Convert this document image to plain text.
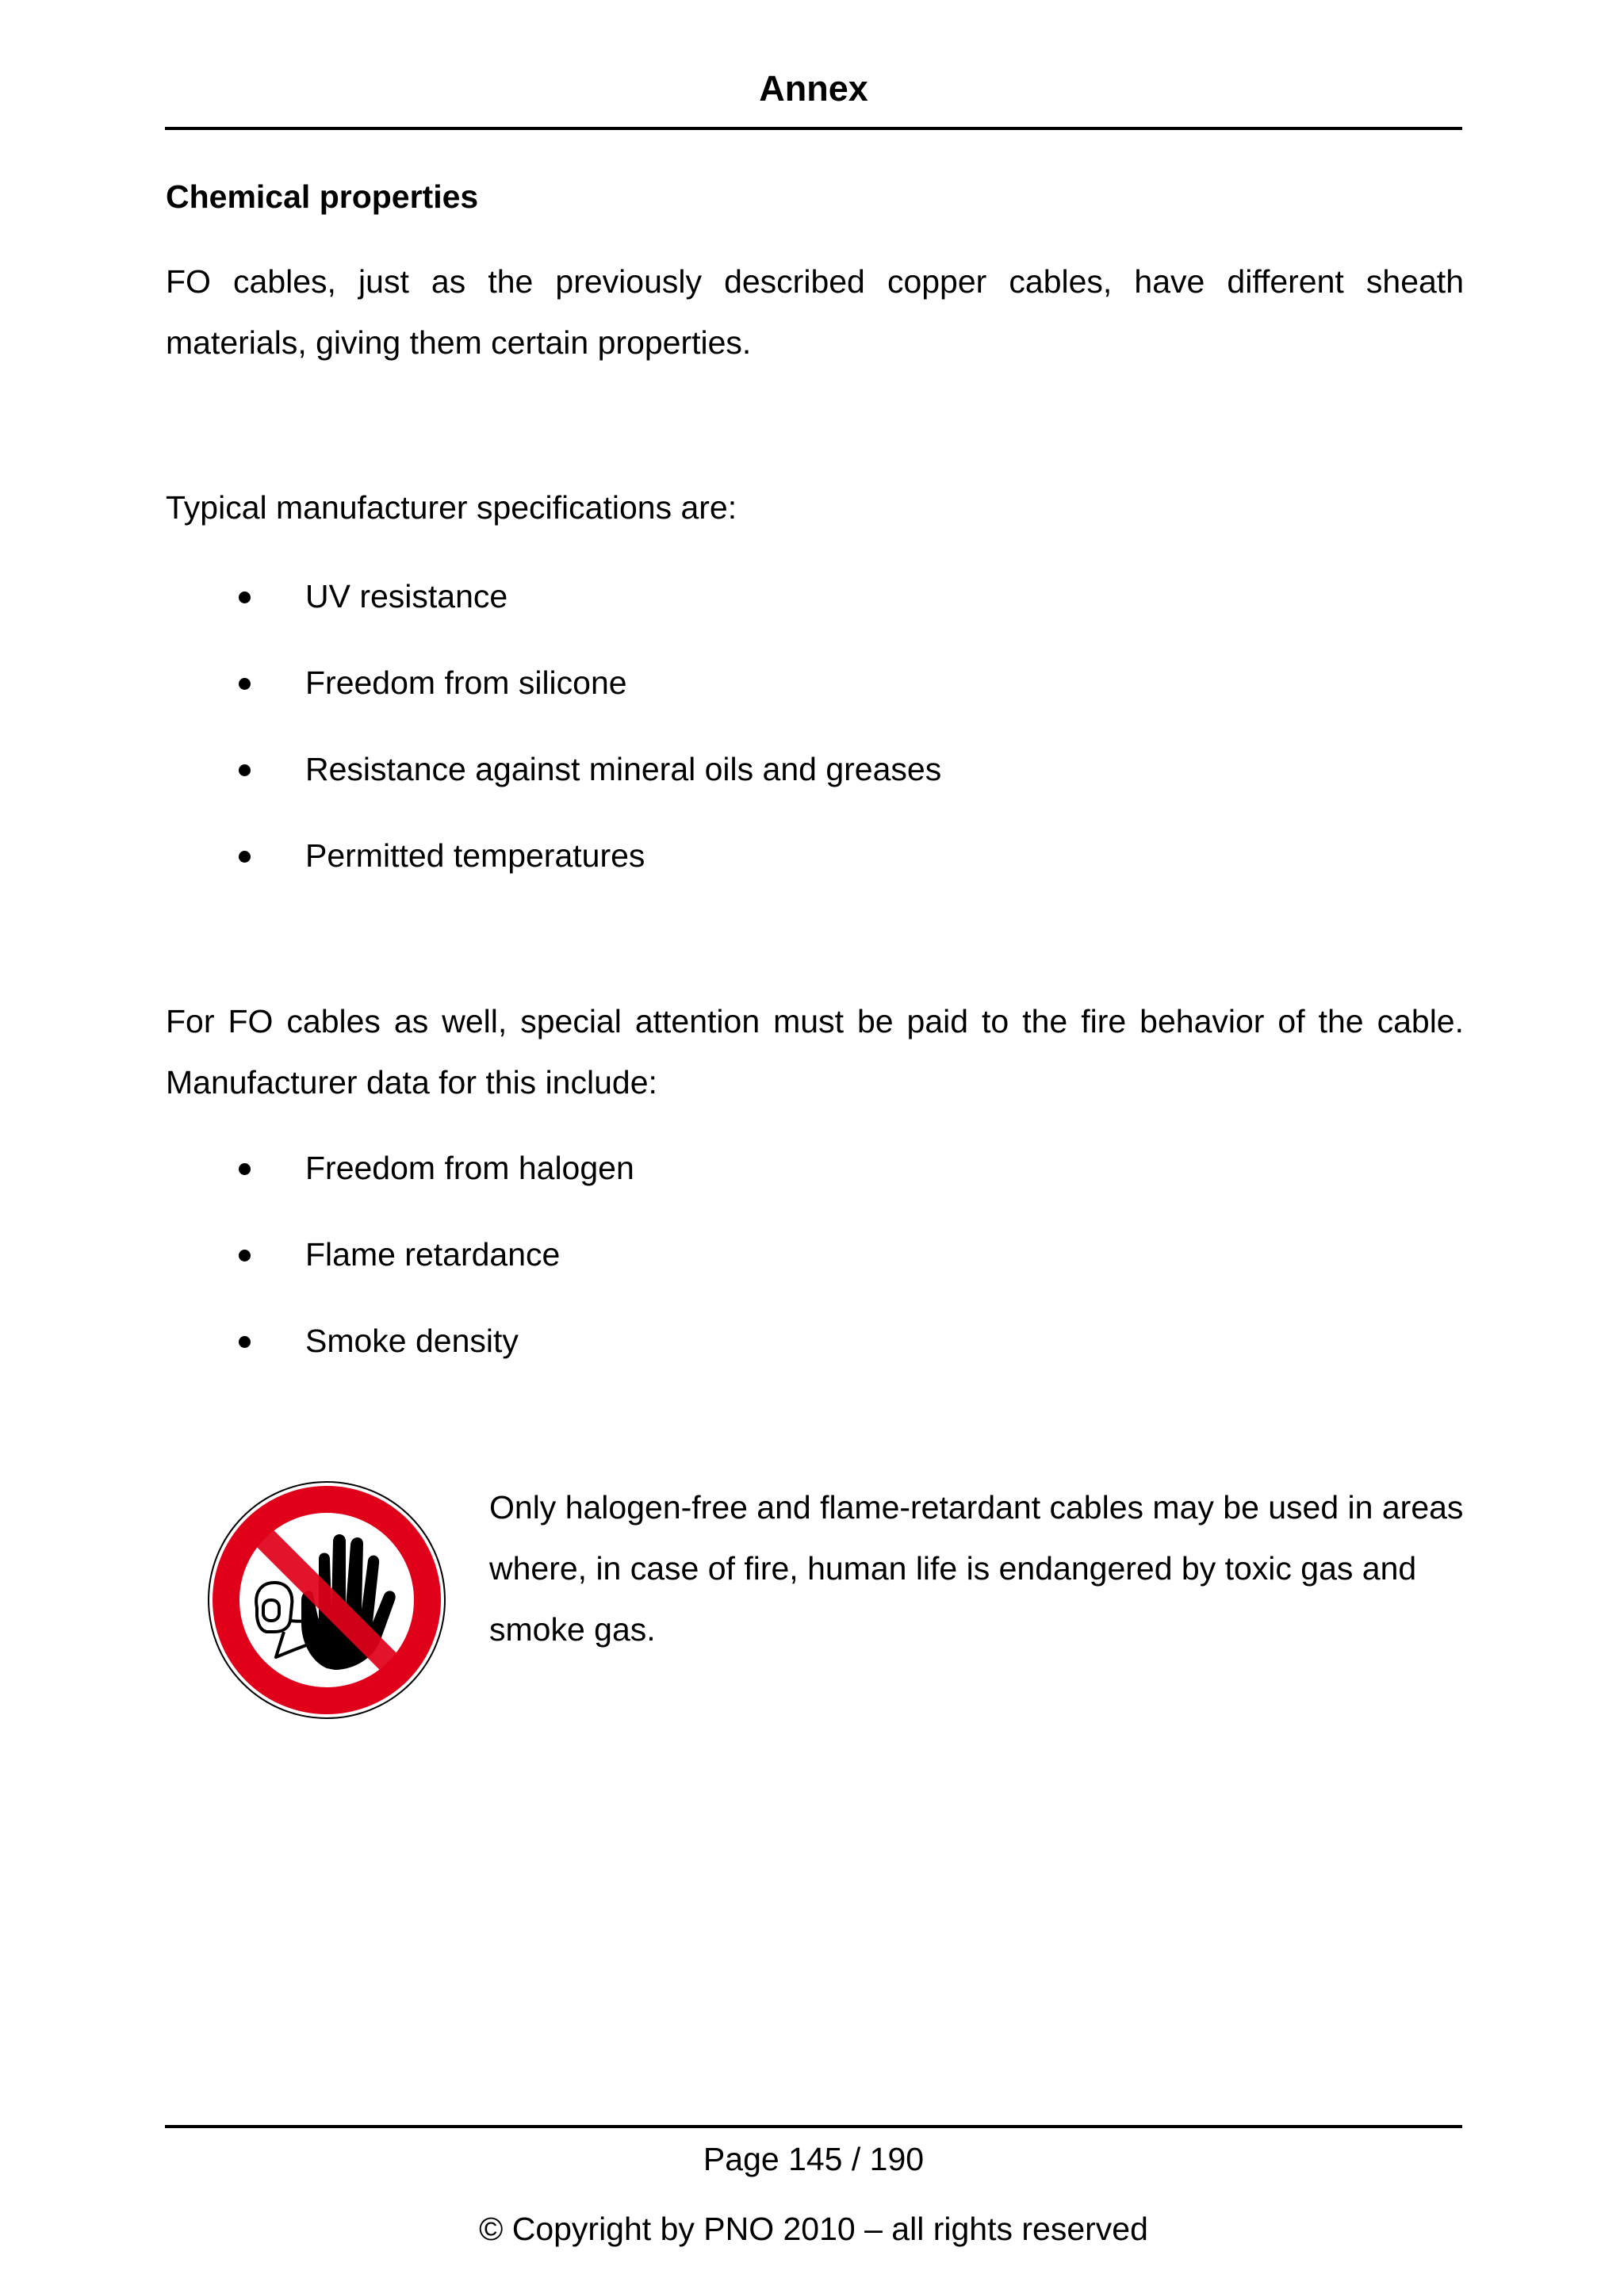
Annex
Chemical properties

FO cables, just as the previously described copper cables, have different sheath materials, giving them certain properties.

Typical manufacturer specifications are:

UV resistance
Freedom from silicone
Resistance against mineral oils and greases
Permitted temperatures

For FO cables as well, special attention must be paid to the fire behavior of the cable. Manufacturer data for this include:

Freedom from halogen
Flame retardance
Smoke density

Only halogen-free and flame-retardant cables may be used in areas where, in case of fire, human life is endangered by toxic gas and smoke gas.

Page 145 / 190
© Copyright by PNO 2010 – all rights reserved
